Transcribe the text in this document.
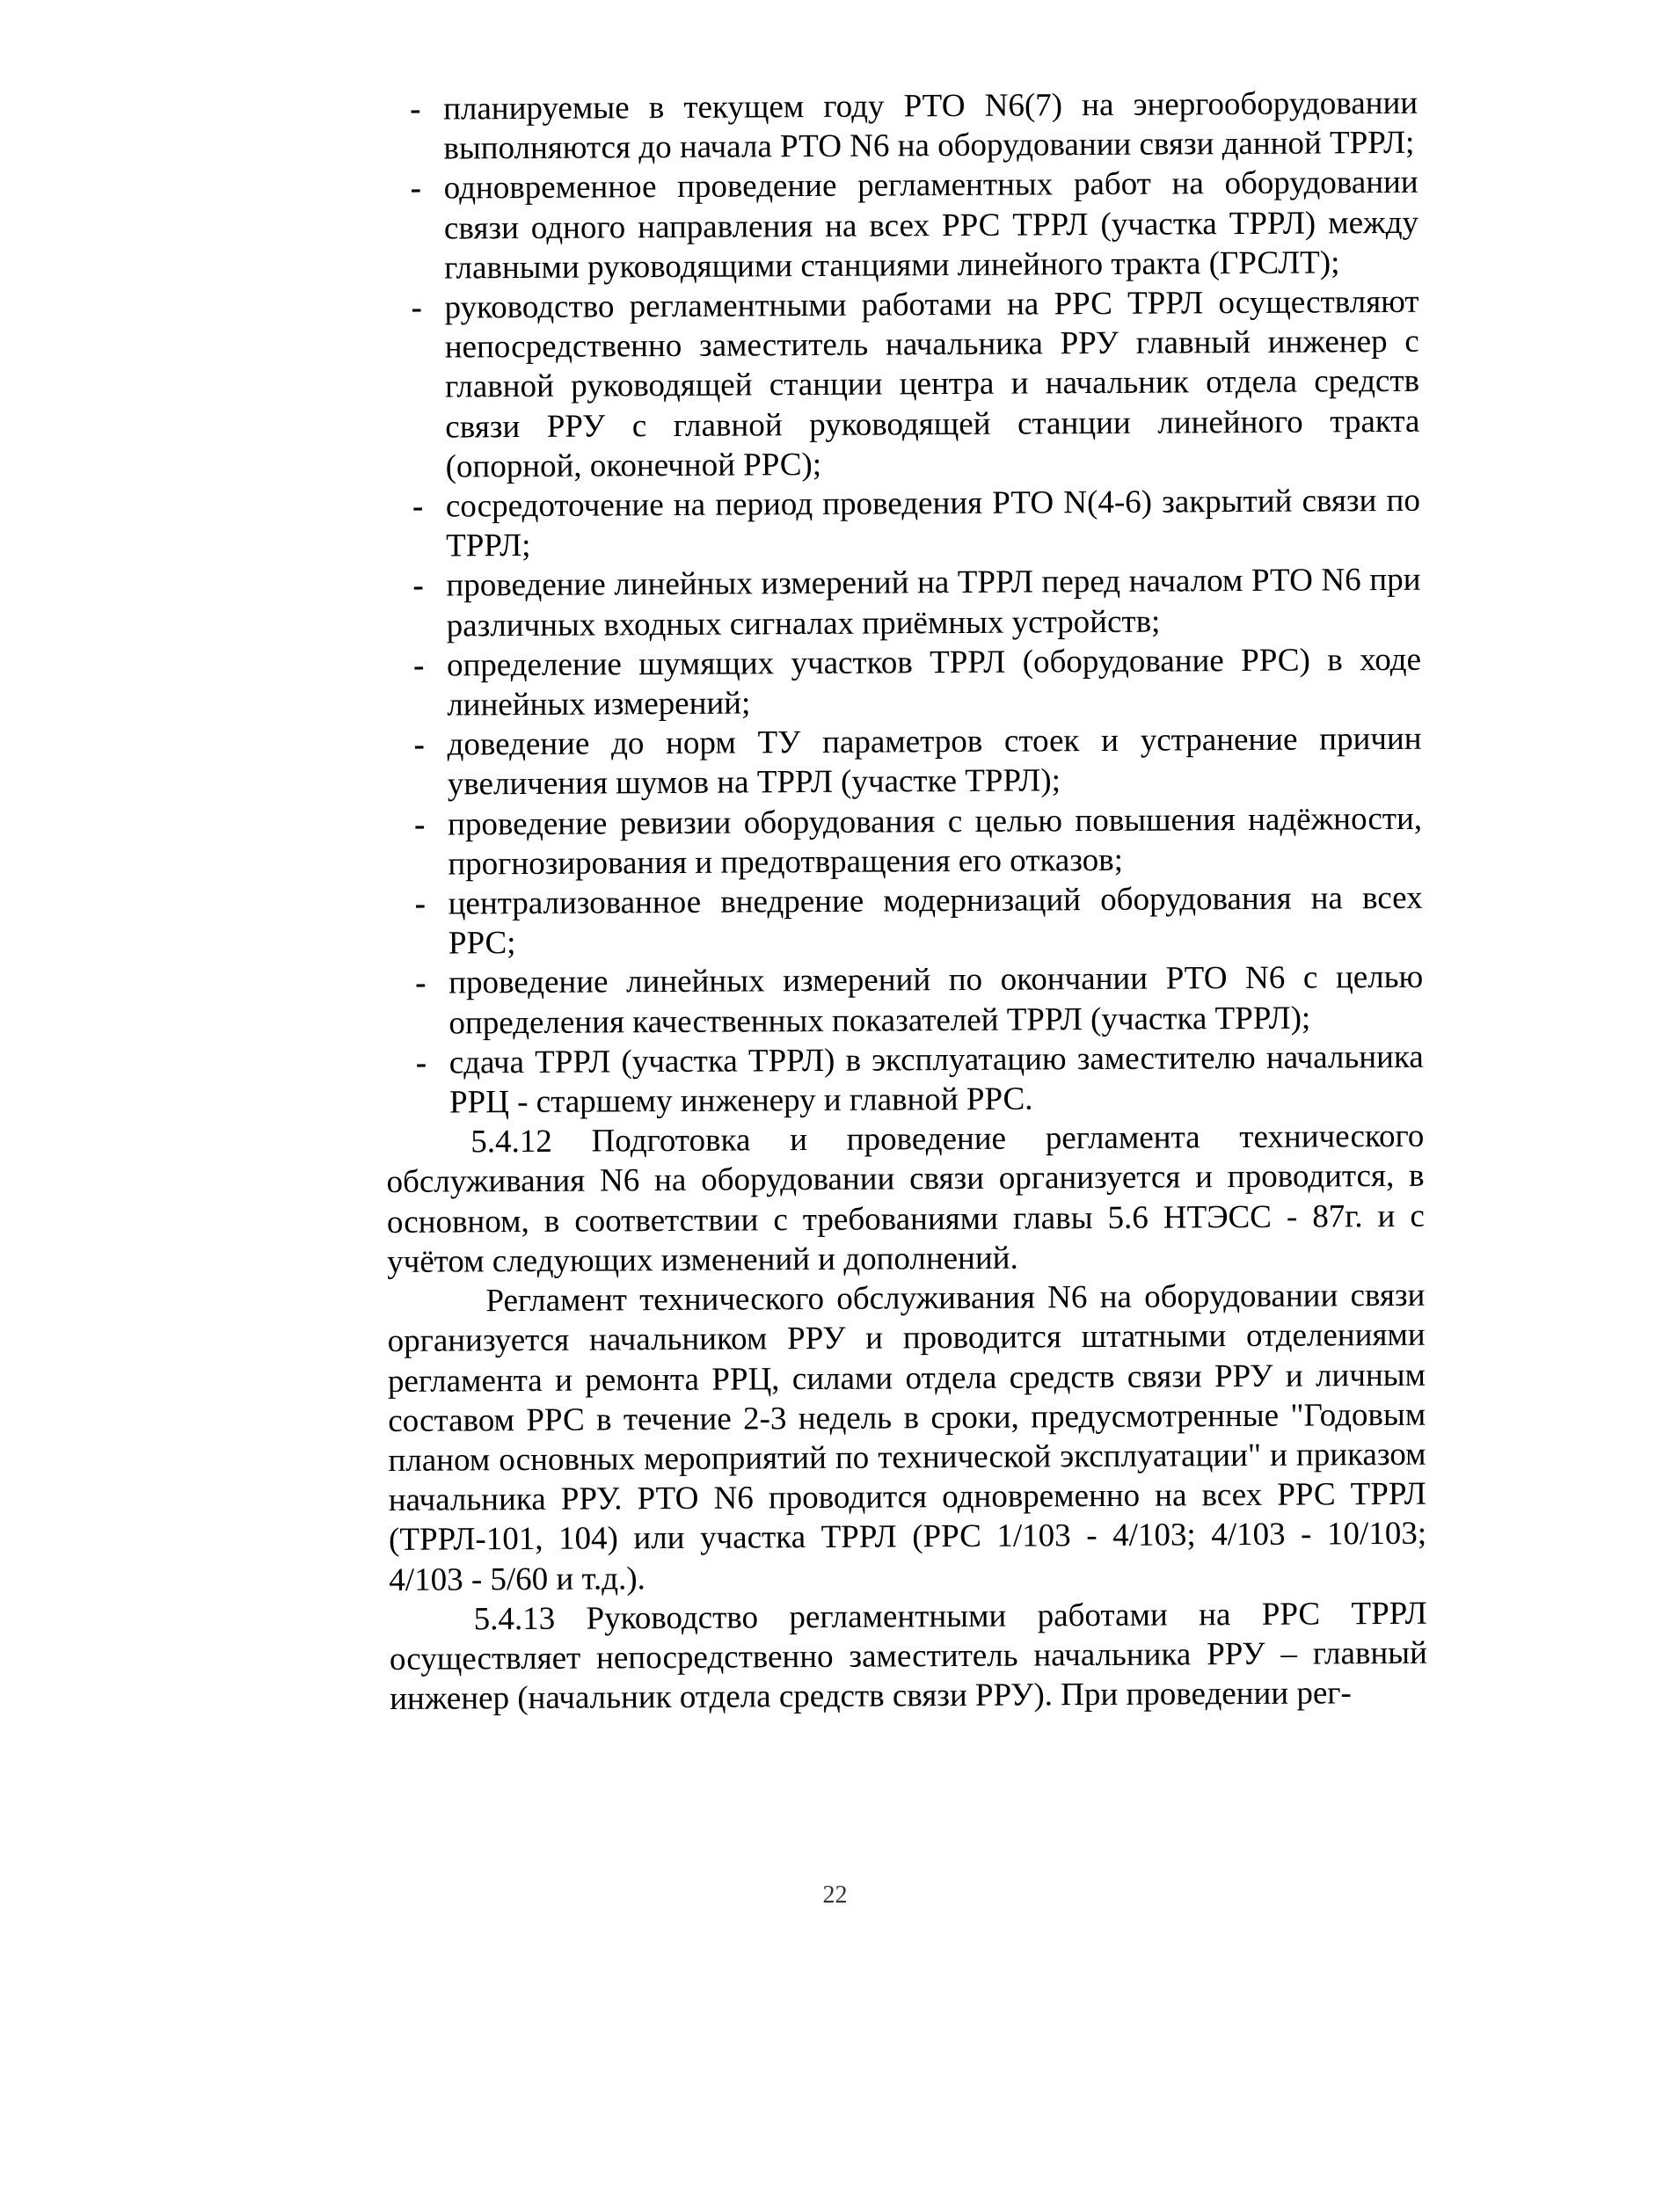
- планируемые в текущем году РТО N6(7) на энергооборудовании выполняются до начала РТО N6 на оборудовании связи данной ТРРЛ;
- одновременное проведение регламентных работ на оборудовании связи одного направления на всех РРС ТРРЛ (участка ТРРЛ) между главными руководящими станциями линейного тракта (ГРСЛТ);
- руководство регламентными работами на РРС ТРРЛ осуществляют непосредственно заместитель начальника РРУ главный инженер с главной руководящей станции центра и начальник отдела средств связи РРУ с главной руководящей станции линейного тракта (опорной, оконечной РРС);
- сосредоточение на период проведения РТО N(4-6) закрытий связи по ТРРЛ;
- проведение линейных измерений на ТРРЛ перед началом РТО N6 при различных входных сигналах приёмных устройств;
- определение шумящих участков ТРРЛ (оборудование РРС) в ходе линейных измерений;
- доведение до норм ТУ параметров стоек и устранение причин увеличения шумов на ТРРЛ (участке ТРРЛ);
- проведение ревизии оборудования с целью повышения надёжности, прогнозирования и предотвращения его отказов;
- централизованное внедрение модернизаций оборудования на всех РРС;
- проведение линейных измерений по окончании РТО N6 с целью определения качественных показателей ТРРЛ (участка ТРРЛ);
- сдача ТРРЛ (участка ТРРЛ) в эксплуатацию заместителю начальника РРЦ - старшему инженеру и главной РРС.

5.4.12 Подготовка и проведение регламента технического обслуживания N6 на оборудовании связи организуется и проводится, в основном, в соответствии с требованиями главы 5.6 НТЭСС - 87г. и с учётом следующих изменений и дополнений.

Регламент технического обслуживания N6 на оборудовании связи организуется начальником РРУ и проводится штатными отделениями регламента и ремонта РРЦ, силами отдела средств связи РРУ и личным составом РРС в течение 2-3 недель в сроки, предусмотренные "Годовым планом основных мероприятий по технической эксплуатации" и приказом начальника РРУ. РТО N6 проводится одновременно на всех РРС ТРРЛ (ТРРЛ-101, 104) или участка ТРРЛ (РРС 1/103 - 4/103; 4/103 - 10/103; 4/103 - 5/60 и т.д.).

5.4.13 Руководство регламентными работами на РРС ТРРЛ осуществляет непосредственно заместитель начальника РРУ – главный инженер (начальник отдела средств связи РРУ). При проведении рег-

22
